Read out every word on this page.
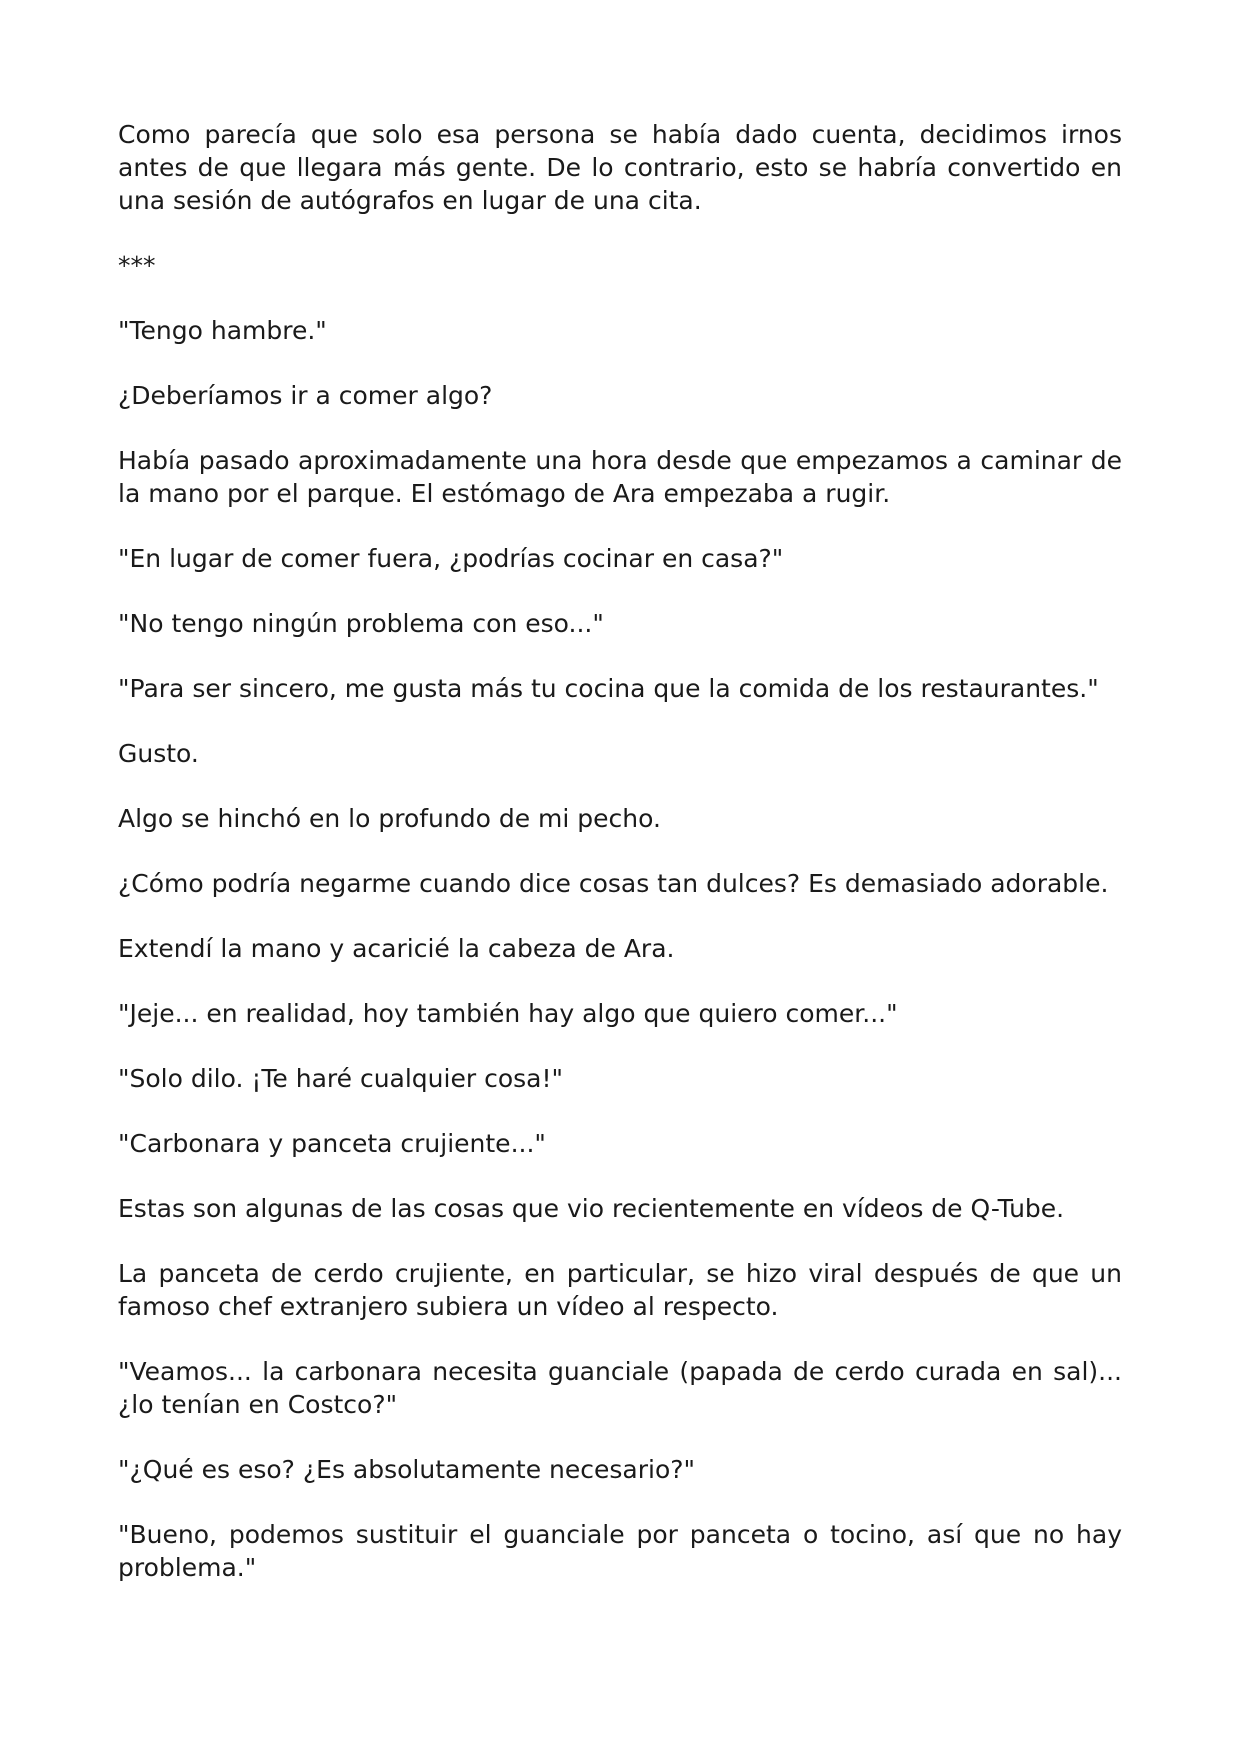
Como parecía que solo esa persona se había dado cuenta, decidimos irnos antes de que llegara más gente. De lo contrario, esto se habría convertido en una sesión de autógrafos en lugar de una cita.

***

"Tengo hambre."

¿Deberíamos ir a comer algo?

Había pasado aproximadamente una hora desde que empezamos a caminar de la mano por el parque. El estómago de Ara empezaba a rugir.

"En lugar de comer fuera, ¿podrías cocinar en casa?"

"No tengo ningún problema con eso..."

"Para ser sincero, me gusta más tu cocina que la comida de los restaurantes."

Gusto.

Algo se hinchó en lo profundo de mi pecho.

¿Cómo podría negarme cuando dice cosas tan dulces? Es demasiado adorable.

Extendí la mano y acaricié la cabeza de Ara.

"Jeje... en realidad, hoy también hay algo que quiero comer..."

"Solo dilo. ¡Te haré cualquier cosa!"

"Carbonara y panceta crujiente..."

Estas son algunas de las cosas que vio recientemente en vídeos de Q-Tube.

La panceta de cerdo crujiente, en particular, se hizo viral después de que un famoso chef extranjero subiera un vídeo al respecto.

"Veamos... la carbonara necesita guanciale (papada de cerdo curada en sal)... ¿lo tenían en Costco?"

"¿Qué es eso? ¿Es absolutamente necesario?"

"Bueno, podemos sustituir el guanciale por panceta o tocino, así que no hay problema."
